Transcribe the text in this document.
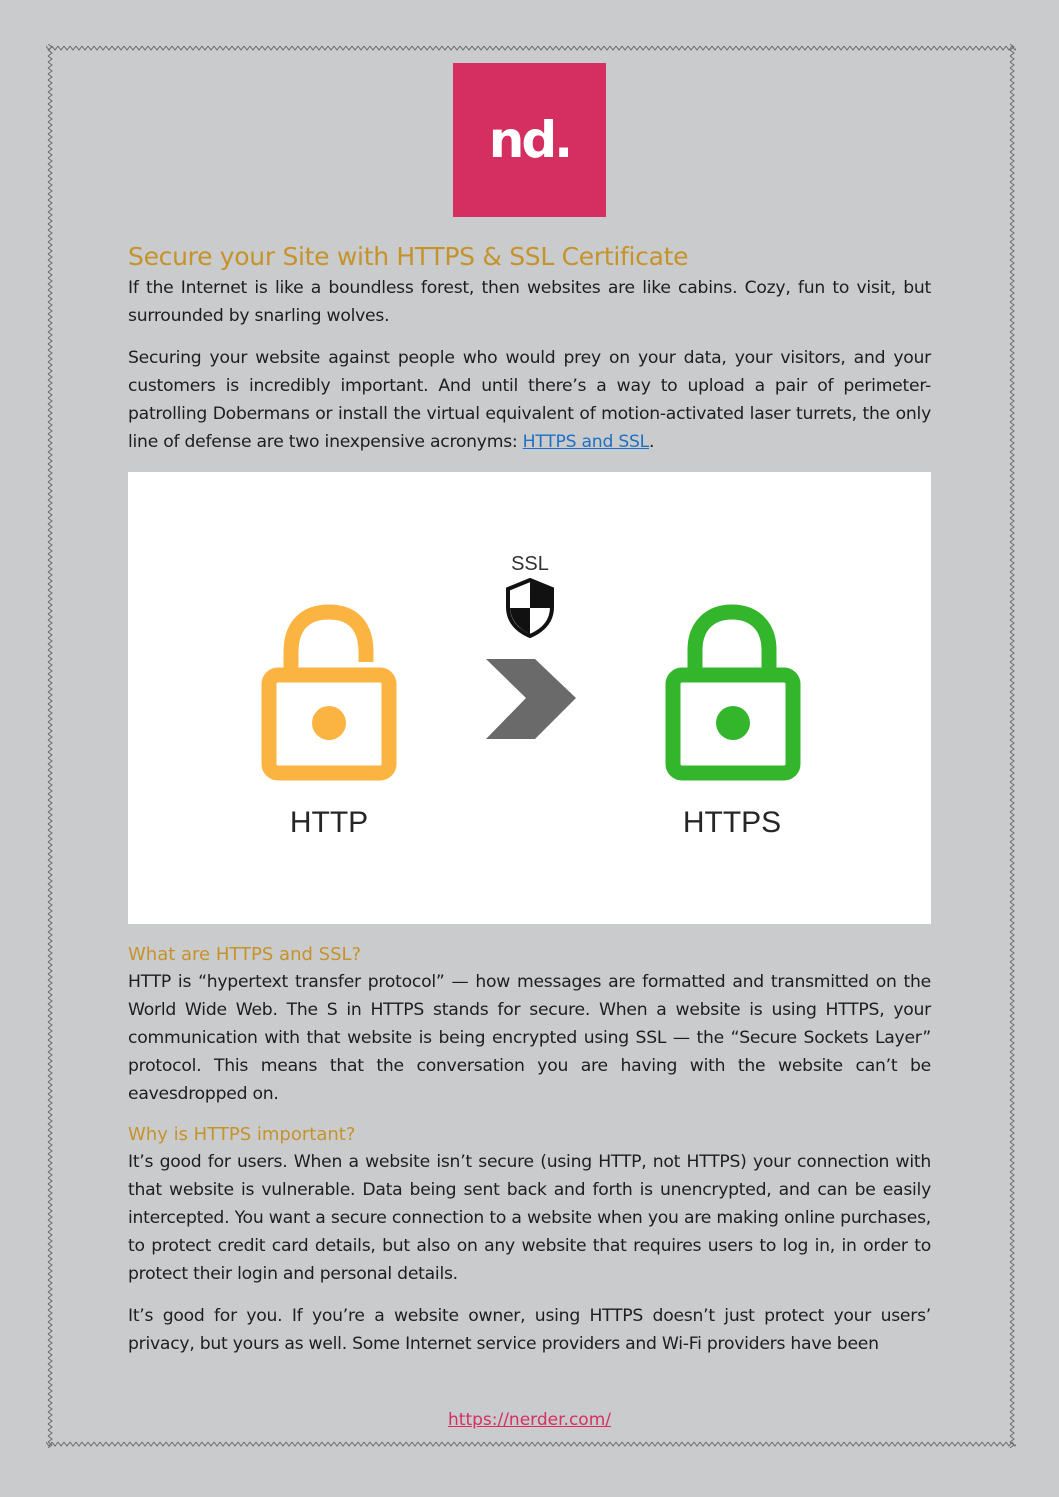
nd.
Secure your Site with HTTPS & SSL Certificate

If the Internet is like a boundless forest, then websites are like cabins. Cozy, fun to visit, but surrounded by snarling wolves.

Securing your website against people who would prey on your data, your visitors, and your customers is incredibly important. And until there’s a way to upload a pair of perimeter-patrolling Dobermans or install the virtual equivalent of motion-activated laser turrets, the only line of defense are two inexpensive acronyms: HTTPS and SSL.

HTTP
SSL
HTTPS
What are HTTPS and SSL?

HTTP is “hypertext transfer protocol” — how messages are formatted and transmitted on the World Wide Web. The S in HTTPS stands for secure. When a website is using HTTPS, your communication with that website is being encrypted using SSL — the “Secure Sockets Layer” protocol. This means that the conversation you are having with the website can’t be eavesdropped on.

Why is HTTPS important?

It’s good for users. When a website isn’t secure (using HTTP, not HTTPS) your connection with that website is vulnerable. Data being sent back and forth is unencrypted, and can be easily intercepted. You want a secure connection to a website when you are making online purchases, to protect credit card details, but also on any website that requires users to log in, in order to protect their login and personal details.

It’s good for you. If you’re a website owner, using HTTPS doesn’t just protect your users’ privacy, but yours as well. Some Internet service providers and Wi-Fi providers have been

https://nerder.com/
